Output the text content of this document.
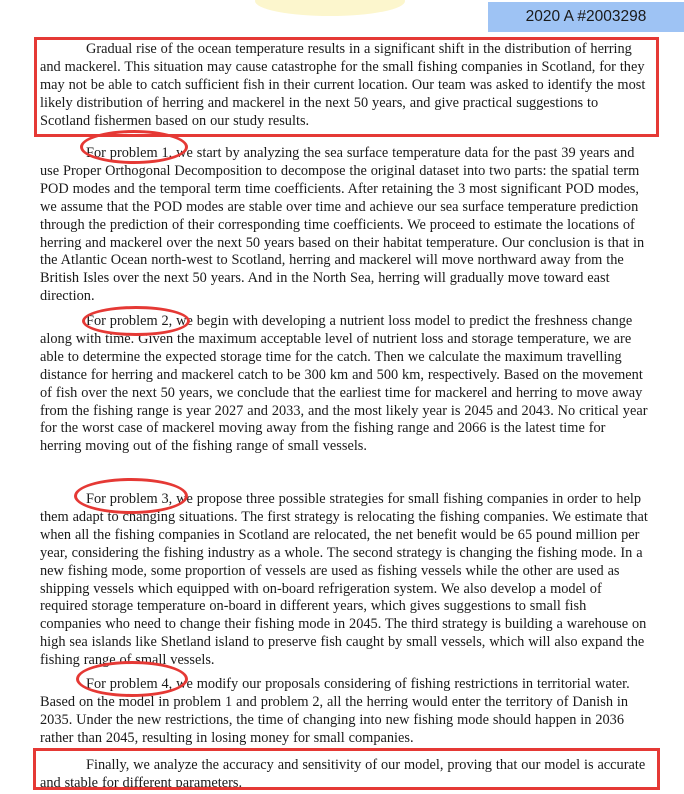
2020 A #2003298

Gradual rise of the ocean temperature results in a significant shift in the distribution of herring and mackerel. This situation may cause catastrophe for the small fishing companies in Scotland, for they may not be able to catch sufficient fish in their current location. Our team was asked to identify the most likely distribution of herring and mackerel in the next 50 years, and give practical suggestions to Scotland fishermen based on our study results.

For problem 1, we start by analyzing the sea surface temperature data for the past 39 years and use Proper Orthogonal Decomposition to decompose the original dataset into two parts: the spatial term POD modes and the temporal term time coefficients. After retaining the 3 most significant POD modes, we assume that the POD modes are stable over time and achieve our sea surface temperature prediction through the prediction of their corresponding time coefficients. We proceed to estimate the locations of herring and mackerel over the next 50 years based on their habitat temperature. Our conclusion is that in the Atlantic Ocean north-west to Scotland, herring and mackerel will move northward away from the British Isles over the next 50 years. And in the North Sea, herring will gradually move toward east direction.

For problem 2, we begin with developing a nutrient loss model to predict the freshness change along with time. Given the maximum acceptable level of nutrient loss and storage temperature, we are able to determine the expected storage time for the catch. Then we calculate the maximum travelling distance for herring and mackerel catch to be 300 km and 500 km, respectively. Based on the movement of fish over the next 50 years, we conclude that the earliest time for mackerel and herring to move away from the fishing range is year 2027 and 2033, and the most likely year is 2045 and 2043. No critical year for the worst case of mackerel moving away from the fishing range and 2066 is the latest time for herring moving out of the fishing range of small vessels.

For problem 3, we propose three possible strategies for small fishing companies in order to help them adapt to changing situations. The first strategy is relocating the fishing companies. We estimate that when all the fishing companies in Scotland are relocated, the net benefit would be 65 pound million per year, considering the fishing industry as a whole. The second strategy is changing the fishing mode. In a new fishing mode, some proportion of vessels are used as fishing vessels while the other are used as shipping vessels which equipped with on-board refrigeration system. We also develop a model of required storage temperature on-board in different years, which gives suggestions to small fish companies who need to change their fishing mode in 2045. The third strategy is building a warehouse on high sea islands like Shetland island to preserve fish caught by small vessels, which will also expand the fishing range of small vessels.

For problem 4, we modify our proposals considering of fishing restrictions in territorial water. Based on the model in problem 1 and problem 2, all the herring would enter the territory of Danish in 2035. Under the new restrictions, the time of changing into new fishing mode should happen in 2036 rather than 2045, resulting in losing money for small companies.

Finally, we analyze the accuracy and sensitivity of our model, proving that our model is accurate and stable for different parameters.
